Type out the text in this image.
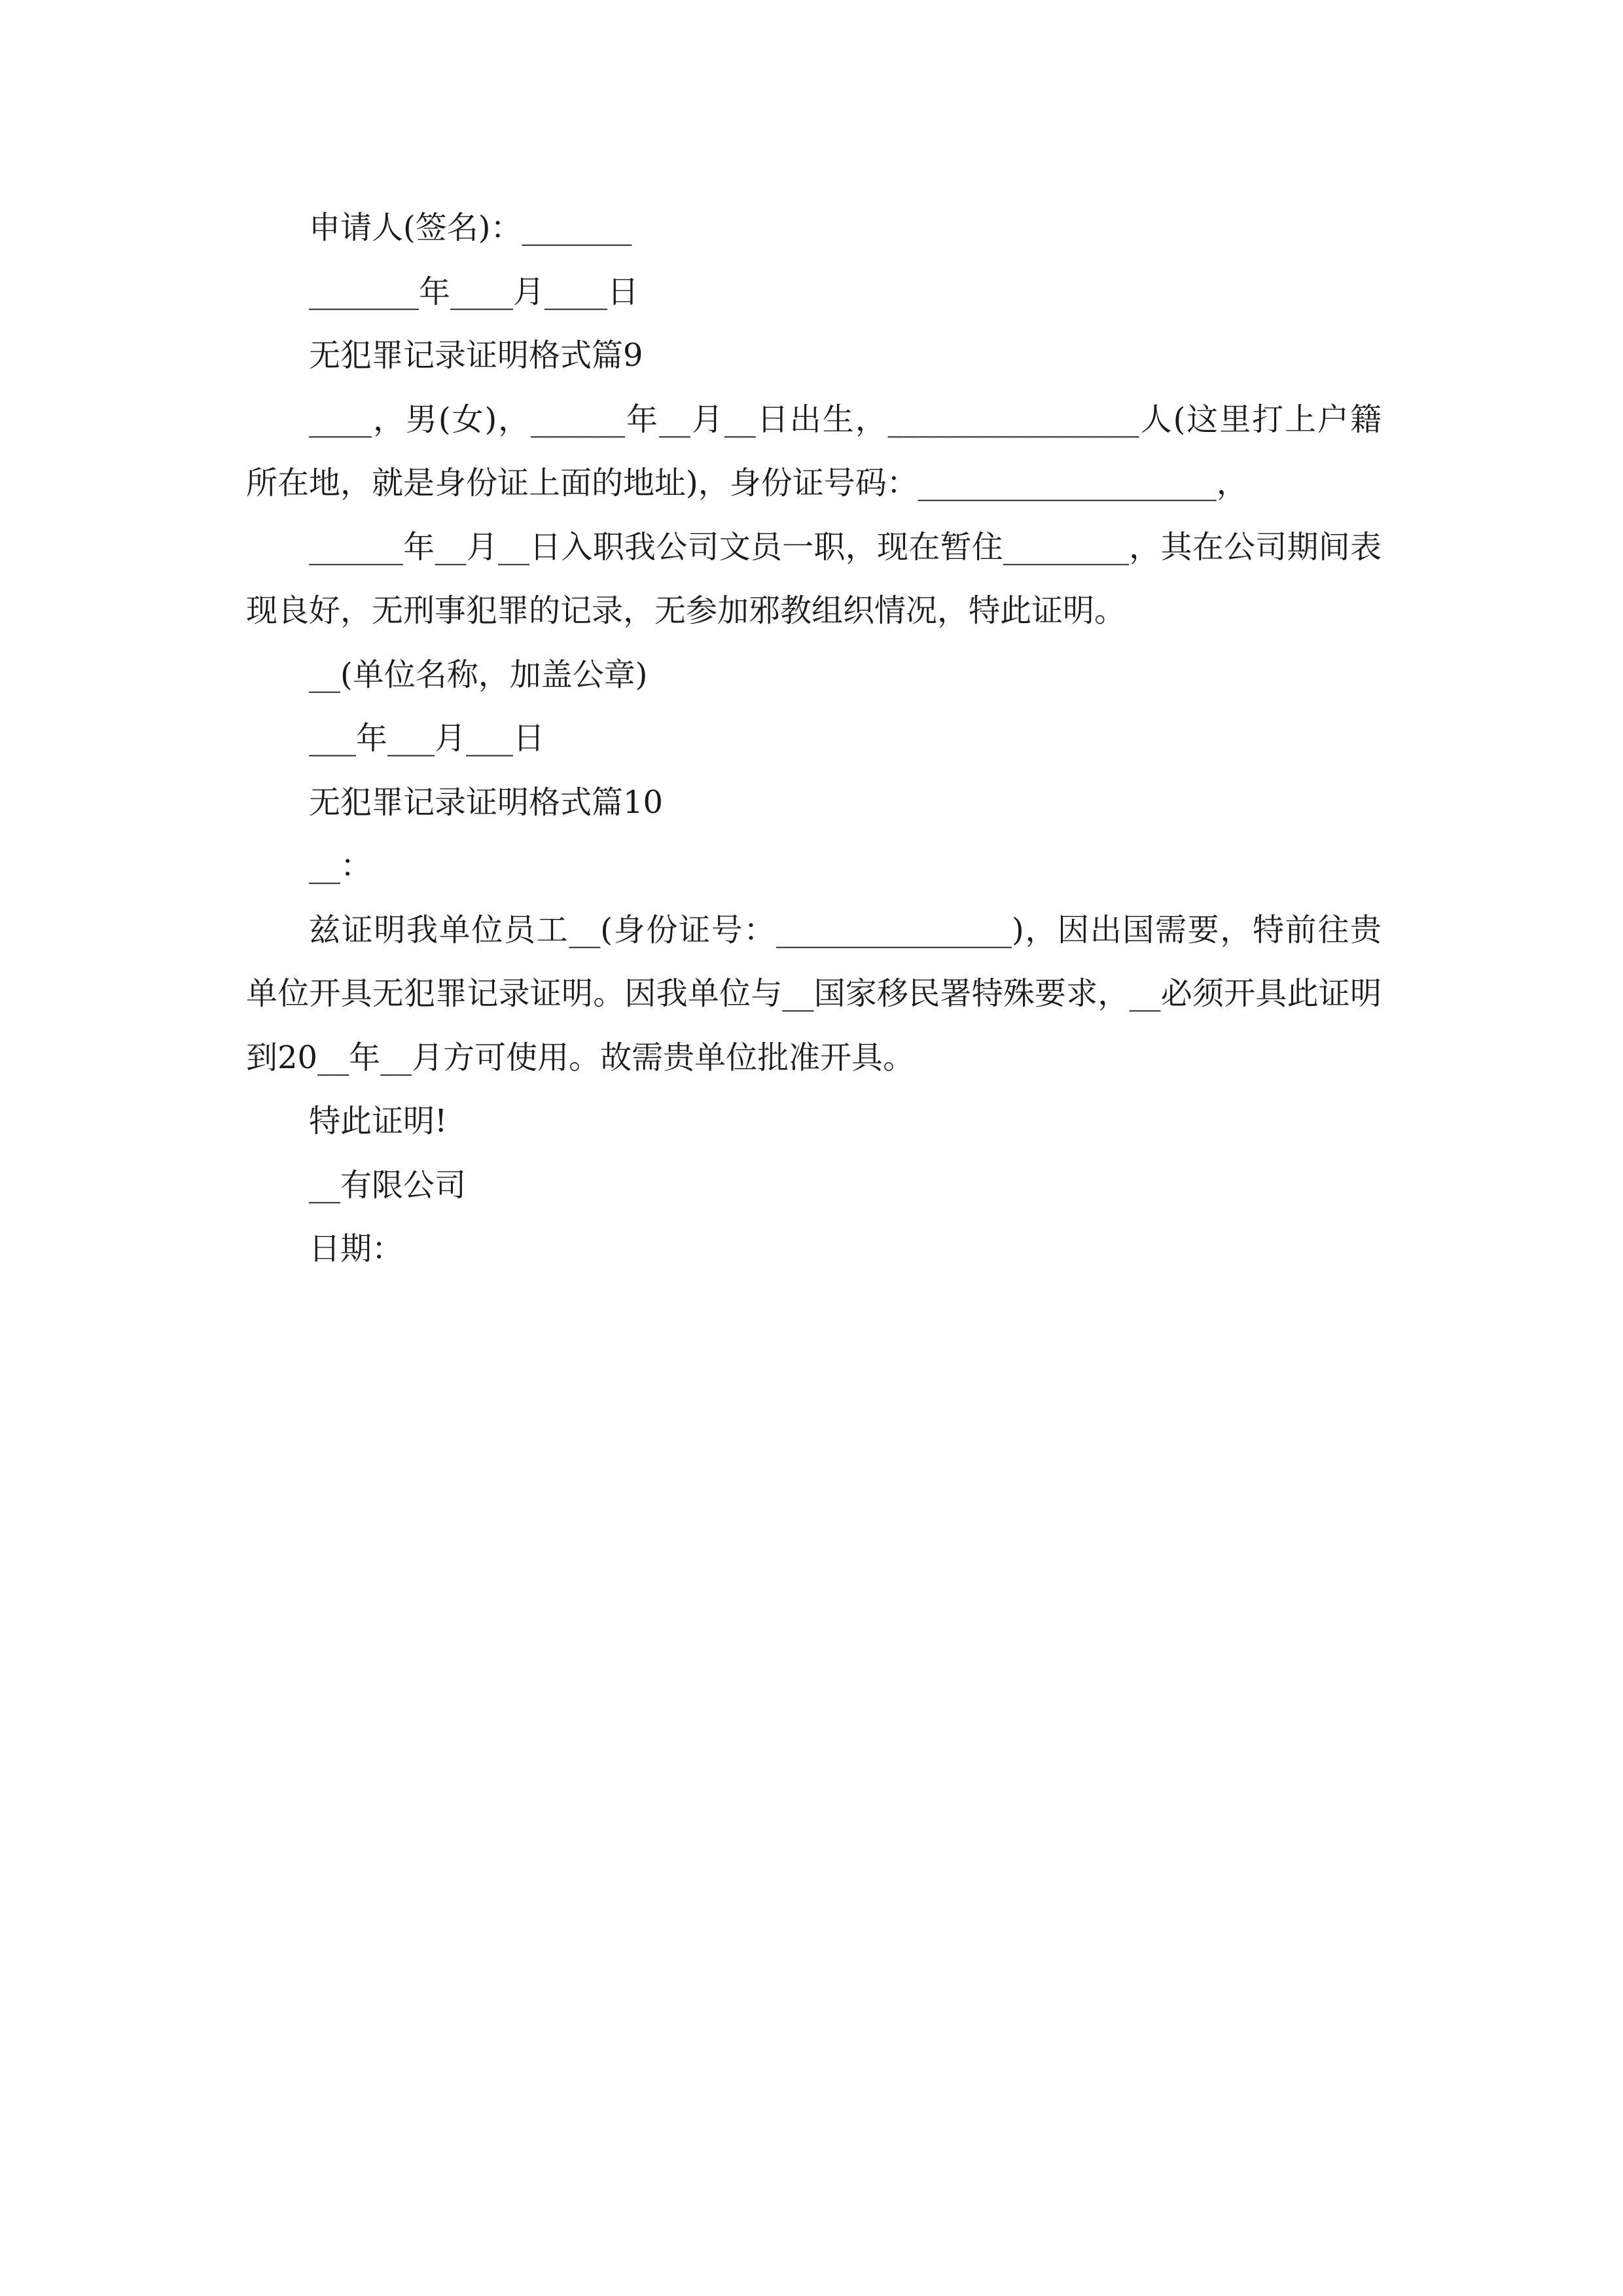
申请人(签名)：_______

_______年____月____日

无犯罪记录证明格式篇9

____，男(女)，______年__月__日出生，________________人(这里打上户籍所在地，就是身份证上面的地址)，身份证号码：___________________，

______年__月__日入职我公司文员一职，现在暂住________，其在公司期间表现良好，无刑事犯罪的记录，无参加邪教组织情况，特此证明。

__(单位名称，加盖公章)

___年___月___日

无犯罪记录证明格式篇10

__：

兹证明我单位员工__(身份证号：_______________)，因出国需要，特前往贵单位开具无犯罪记录证明。因我单位与__国家移民署特殊要求，__必须开具此证明到20__年__月方可使用。故需贵单位批准开具。

特此证明!

__有限公司

日期：
